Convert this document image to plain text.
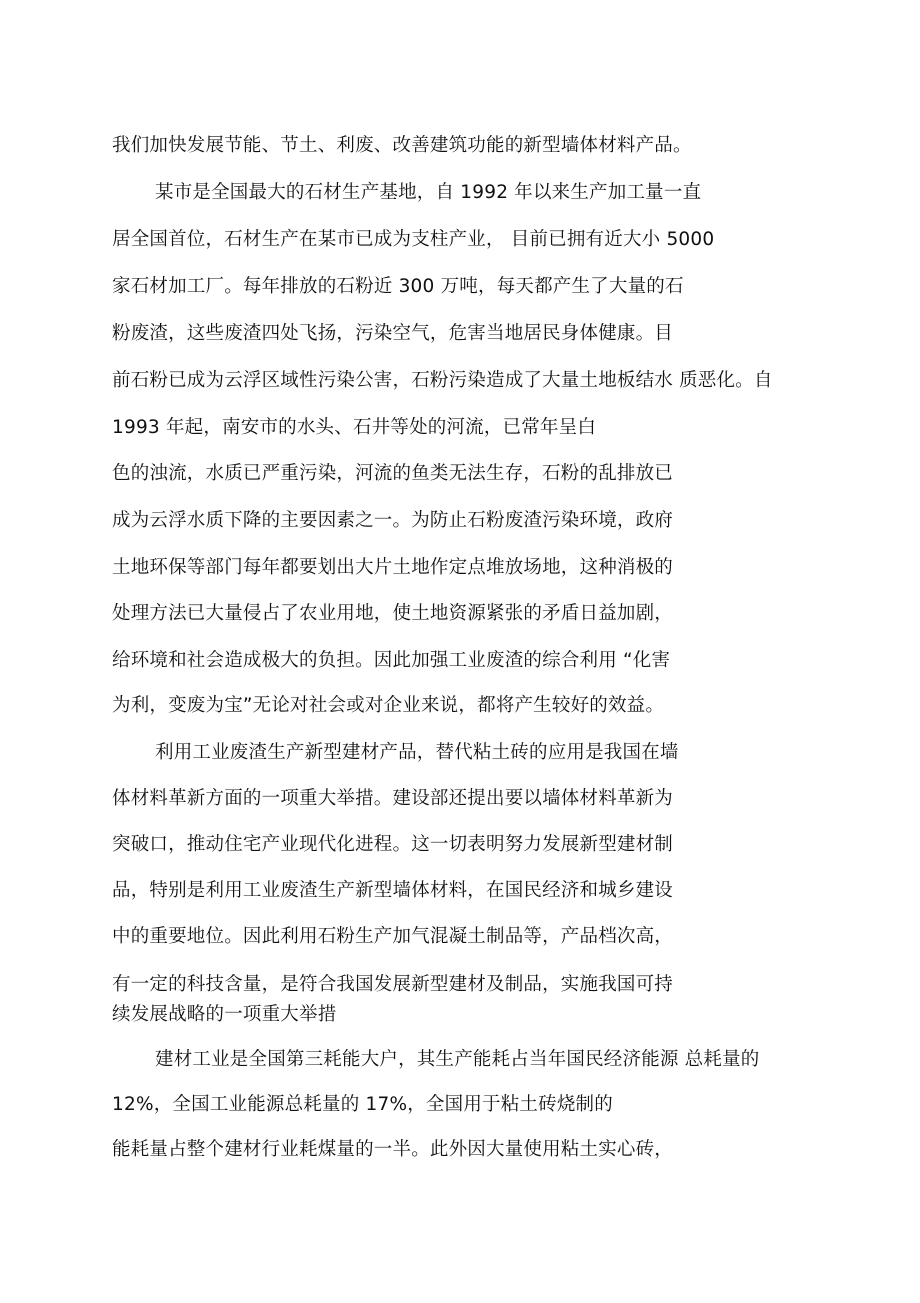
我们加快发展节能、节土、利废、改善建筑功能的新型墙体材料产品。
某市是全国最大的石材生产基地，自 1992 年以来生产加工量一直
居全国首位，石材生产在某市已成为支柱产业， 目前已拥有近大小 5000
家石材加工厂。每年排放的石粉近 300 万吨，每天都产生了大量的石
粉废渣，这些废渣四处飞扬，污染空气，危害当地居民身体健康。目
前石粉已成为云浮区域性污染公害，石粉污染造成了大量土地板结水 质恶化。自
1993 年起，南安市的水头、石井等处的河流，已常年呈白
色的浊流，水质已严重污染，河流的鱼类无法生存，石粉的乱排放已
成为云浮水质下降的主要因素之一。为防止石粉废渣污染环境，政府
土地环保等部门每年都要划出大片土地作定点堆放场地，这种消极的
处理方法已大量侵占了农业用地，使土地资源紧张的矛盾日益加剧，
给环境和社会造成极大的负担。因此加强工业废渣的综合利用 “化害
为利，变废为宝”无论对社会或对企业来说，都将产生较好的效益。
利用工业废渣生产新型建材产品，替代粘土砖的应用是我国在墙
体材料革新方面的一项重大举措。建设部还提出要以墙体材料革新为
突破口，推动住宅产业现代化进程。这一切表明努力发展新型建材制
品，特别是利用工业废渣生产新型墙体材料，在国民经济和城乡建设
中的重要地位。因此利用石粉生产加气混凝土制品等，产品档次高，
有一定的科技含量，是符合我国发展新型建材及制品，实施我国可持
续发展战略的一项重大举措
建材工业是全国第三耗能大户，其生产能耗占当年国民经济能源 总耗量的
12%，全国工业能源总耗量的 17%，全国用于粘土砖烧制的
能耗量占整个建材行业耗煤量的一半。此外因大量使用粘土实心砖，
